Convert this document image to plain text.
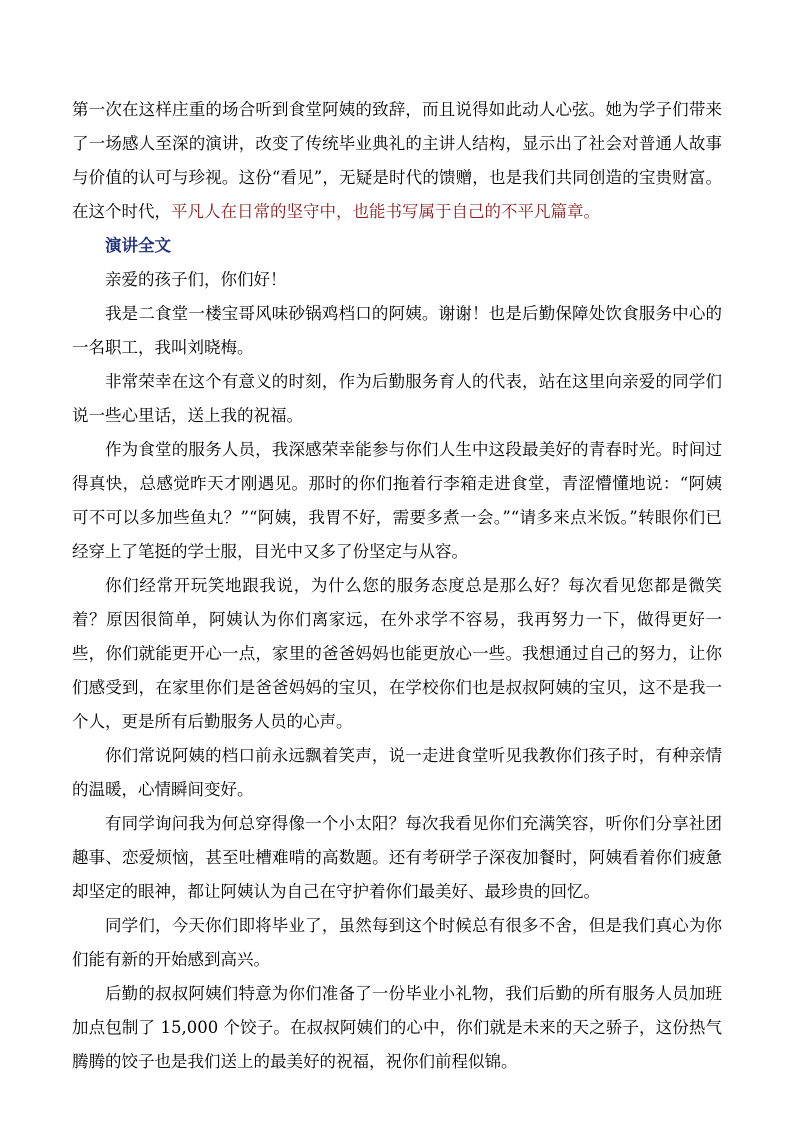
第一次在这样庄重的场合听到食堂阿姨的致辞，而且说得如此动人心弦。她为学子们带来了一场感人至深的演讲，改变了传统毕业典礼的主讲人结构，显示出了社会对普通人故事与价值的认可与珍视。这份“看见”，无疑是时代的馈赠，也是我们共同创造的宝贵财富。在这个时代，平凡人在日常的坚守中，也能书写属于自己的不平凡篇章。

演讲全文

亲爱的孩子们，你们好！

我是二食堂一楼宝哥风味砂锅鸡档口的阿姨。谢谢！也是后勤保障处饮食服务中心的一名职工，我叫刘晓梅。

非常荣幸在这个有意义的时刻，作为后勤服务育人的代表，站在这里向亲爱的同学们说一些心里话，送上我的祝福。

作为食堂的服务人员，我深感荣幸能参与你们人生中这段最美好的青春时光。时间过得真快，总感觉昨天才刚遇见。那时的你们拖着行李箱走进食堂，青涩懵懂地说：“阿姨可不可以多加些鱼丸？”“阿姨，我胃不好，需要多煮一会。”“请多来点米饭。”转眼你们已经穿上了笔挺的学士服，目光中又多了份坚定与从容。

你们经常开玩笑地跟我说，为什么您的服务态度总是那么好？每次看见您都是微笑着？原因很简单，阿姨认为你们离家远，在外求学不容易，我再努力一下，做得更好一些，你们就能更开心一点，家里的爸爸妈妈也能更放心一些。我想通过自己的努力，让你们感受到，在家里你们是爸爸妈妈的宝贝，在学校你们也是叔叔阿姨的宝贝，这不是我一个人，更是所有后勤服务人员的心声。

你们常说阿姨的档口前永远飘着笑声，说一走进食堂听见我教你们孩子时，有种亲情的温暖，心情瞬间变好。

有同学询问我为何总穿得像一个小太阳？每次我看见你们充满笑容，听你们分享社团趣事、恋爱烦恼，甚至吐槽难啃的高数题。还有考研学子深夜加餐时，阿姨看着你们疲惫却坚定的眼神，都让阿姨认为自己在守护着你们最美好、最珍贵的回忆。

同学们，今天你们即将毕业了，虽然每到这个时候总有很多不舍，但是我们真心为你们能有新的开始感到高兴。

后勤的叔叔阿姨们特意为你们准备了一份毕业小礼物，我们后勤的所有服务人员加班加点包制了 15,000 个饺子。在叔叔阿姨们的心中，你们就是未来的天之骄子，这份热气腾腾的饺子也是我们送上的最美好的祝福，祝你们前程似锦。
